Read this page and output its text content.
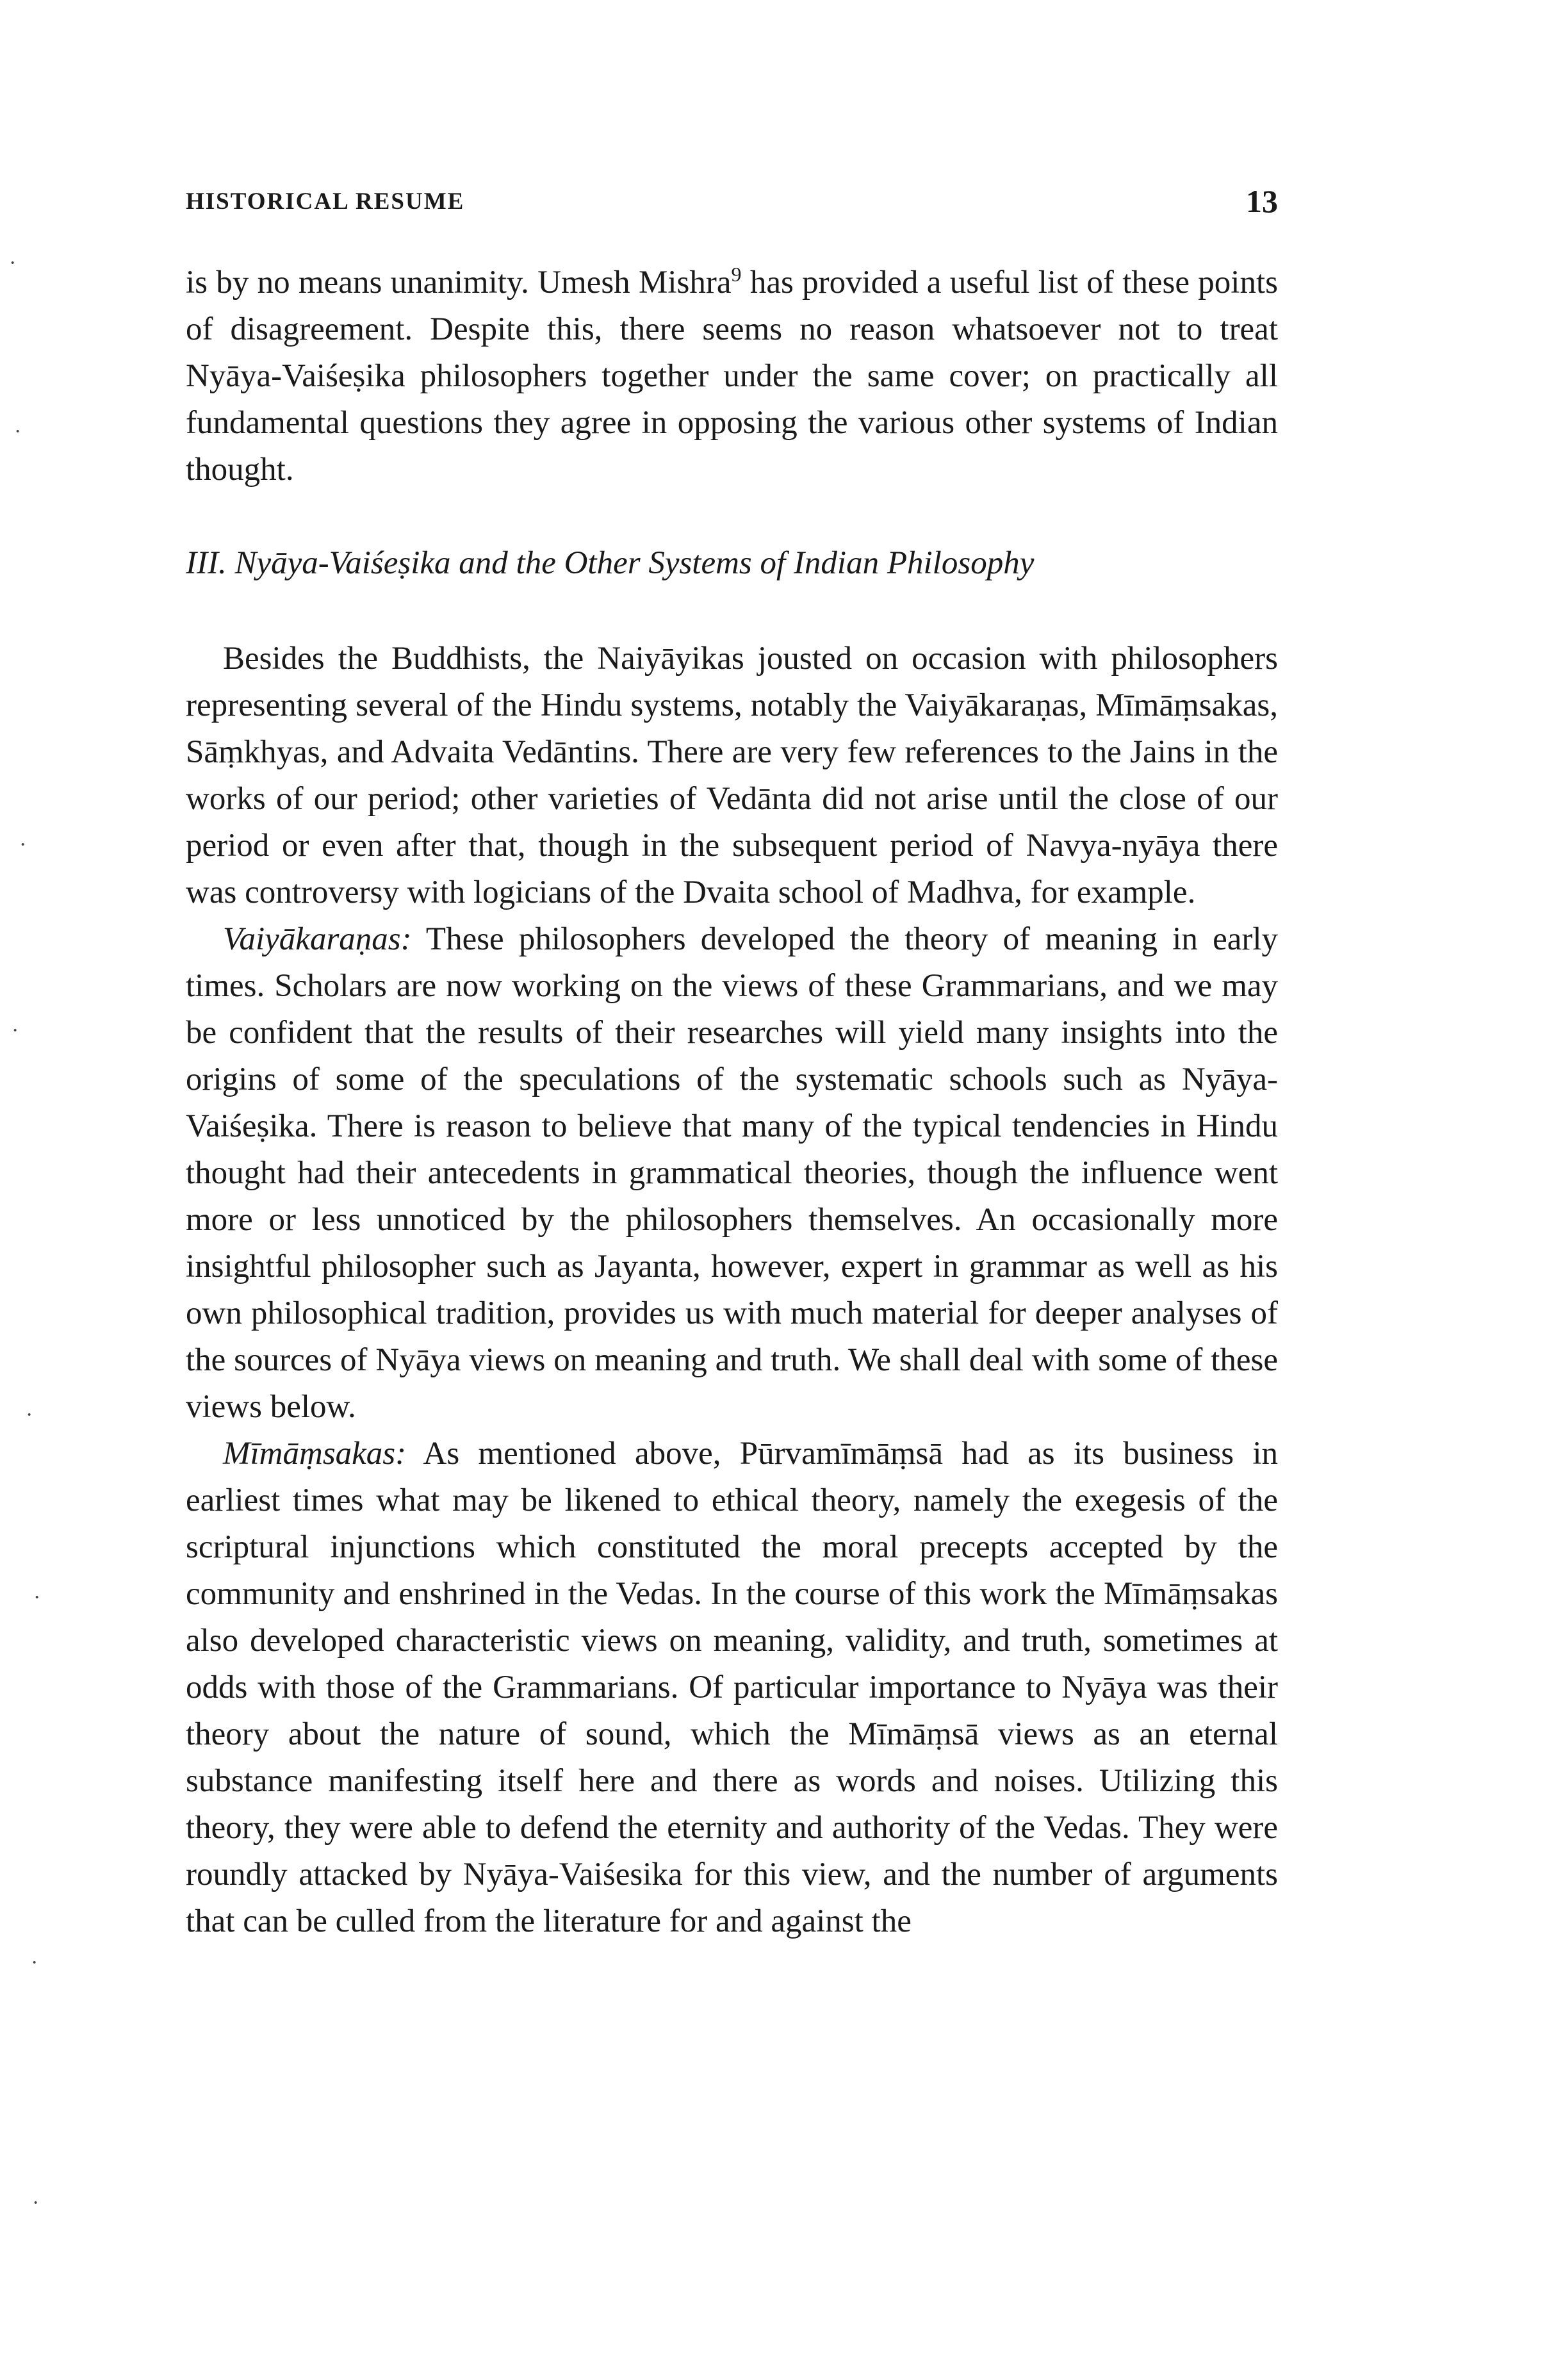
·
·
·
·
·
·
·
·
HISTORICAL RESUME	13

is by no means unanimity. Umesh Mishra$^9$ has provided a useful list of these points of disagreement. Despite this, there seems no reason whatsoever not to treat Nyāya-Vaiśeṣika philosophers together under the same cover; on practically all fundamental questions they agree in opposing the various other systems of Indian thought.

III. Nyāya-Vaiśeṣika and the Other Systems of Indian Philosophy

Besides the Buddhists, the Naiyāyikas jousted on occasion with philosophers representing several of the Hindu systems, notably the Vaiyākaraṇas, Mīmāṃsakas, Sāṃkhyas, and Advaita Vedāntins. There are very few references to the Jains in the works of our period; other varieties of Vedānta did not arise until the close of our period or even after that, though in the subsequent period of Navya-nyāya there was controversy with logicians of the Dvaita school of Madhva, for example.

Vaiyākaraṇas: These philosophers developed the theory of meaning in early times. Scholars are now working on the views of these Grammarians, and we may be confident that the results of their researches will yield many insights into the origins of some of the speculations of the systematic schools such as Nyāya-Vaiśeṣika. There is reason to believe that many of the typical tendencies in Hindu thought had their antecedents in grammatical theories, though the influence went more or less unnoticed by the philosophers themselves. An occasionally more insightful philosopher such as Jayanta, however, expert in grammar as well as his own philosophical tradition, provides us with much material for deeper analyses of the sources of Nyāya views on meaning and truth. We shall deal with some of these views below.

Mīmāṃsakas: As mentioned above, Pūrvamīmāṃsā had as its business in earliest times what may be likened to ethical theory, namely the exegesis of the scriptural injunctions which constituted the moral precepts accepted by the community and enshrined in the Vedas. In the course of this work the Mīmāṃsakas also developed characteristic views on meaning, validity, and truth, sometimes at odds with those of the Grammarians. Of particular importance to Nyāya was their theory about the nature of sound, which the Mīmāṃsā views as an eternal substance manifesting itself here and there as words and noises. Utilizing this theory, they were able to defend the eternity and authority of the Vedas. They were roundly attacked by Nyāya-Vaiśesika for this view, and the number of arguments that can be culled from the literature for and against the
